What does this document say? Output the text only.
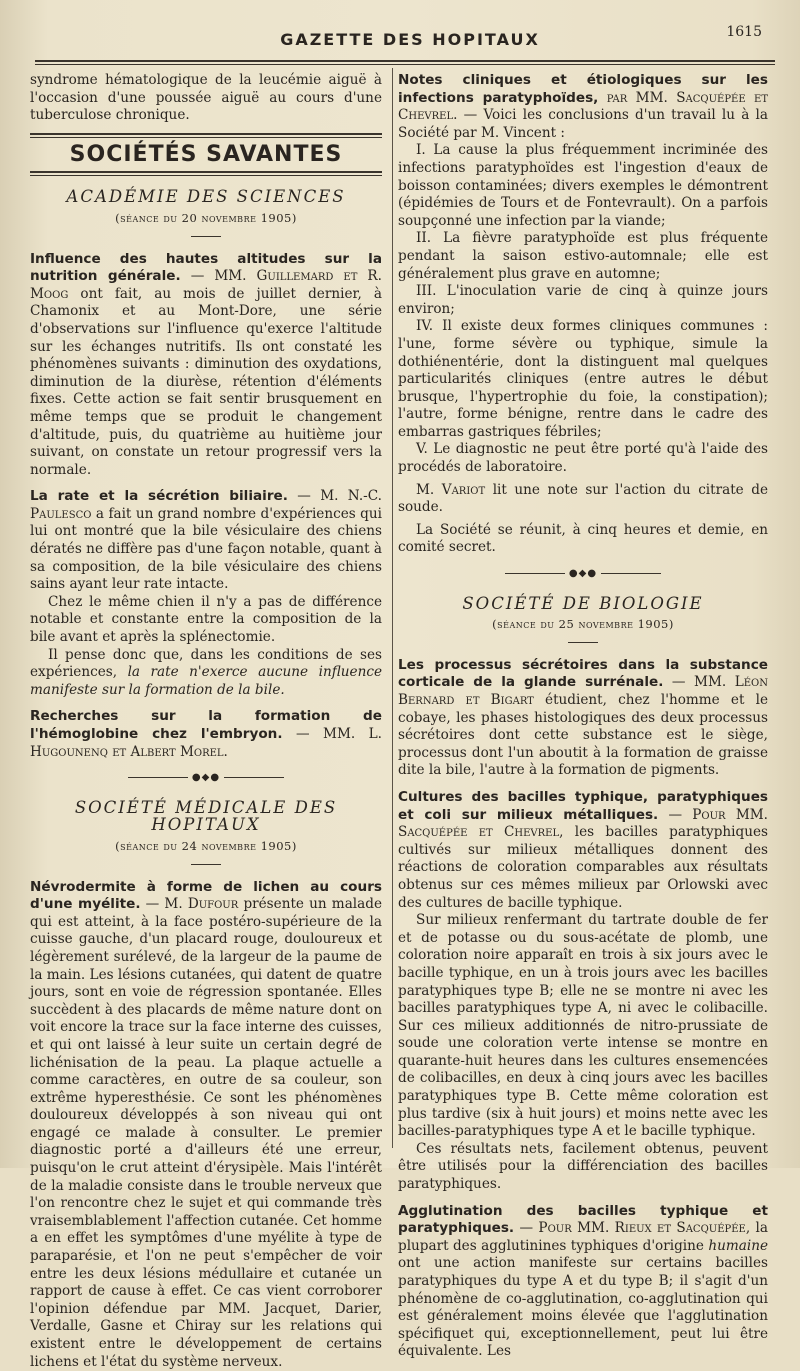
GAZETTE DES HOPITAUX	1615

syndrome hématologique de la leucémie aiguë à l'occasion d'une poussée aiguë au cours d'une tuberculose chronique.

SOCIÉTÉS SAVANTES
ACADÉMIE DES SCIENCES
(séance du 20 novembre 1905)

Influence des hautes altitudes sur la nutrition générale. — MM. Guillemard et R. Moog ont fait, au mois de juillet dernier, à Chamonix et au Mont-Dore, une série d'observations sur l'influence qu'exerce l'altitude sur les échanges nutritifs. Ils ont constaté les phénomènes suivants : diminution des oxydations, diminution de la diurèse, rétention d'éléments fixes. Cette action se fait sentir brusquement en même temps que se produit le changement d'altitude, puis, du quatrième au huitième jour suivant, on constate un retour progressif vers la normale.

La rate et la sécrétion biliaire. — M. N.-C. Paulesco a fait un grand nombre d'expériences qui lui ont montré que la bile vésiculaire des chiens dératés ne diffère pas d'une façon notable, quant à sa composition, de la bile vésiculaire des chiens sains ayant leur rate intacte.

Chez le même chien il n'y a pas de différence notable et constante entre la composition de la bile avant et après la splénectomie.

Il pense donc que, dans les conditions de ses expériences, la rate n'exerce aucune influence manifeste sur la formation de la bile.

Recherches sur la formation de l'hémoglobine chez l'embryon. — MM. L. Hugounenq et Albert Morel.

●◆●
SOCIÉTÉ MÉDICALE DES HOPITAUX
(séance du 24 novembre 1905)

Névrodermite à forme de lichen au cours d'une myélite. — M. Dufour présente un malade qui est atteint, à la face postéro-supérieure de la cuisse gauche, d'un placard rouge, douloureux et légèrement surélevé, de la largeur de la paume de la main. Les lésions cutanées, qui datent de quatre jours, sont en voie de régression spontanée. Elles succèdent à des placards de même nature dont on voit encore la trace sur la face interne des cuisses, et qui ont laissé à leur suite un certain degré de lichénisation de la peau. La plaque actuelle a comme caractères, en outre de sa couleur, son extrême hyperesthésie. Ce sont les phénomènes douloureux développés à son niveau qui ont engagé ce malade à consulter. Le premier diagnostic porté a d'ailleurs été une erreur, puisqu'on le crut atteint d'érysipèle. Mais l'intérêt de la maladie consiste dans le trouble nerveux que l'on rencontre chez le sujet et qui commande très vraisemblablement l'affection cutanée. Cet homme a en effet les symptômes d'une myélite à type de paraparésie, et l'on ne peut s'empêcher de voir entre les deux lésions médullaire et cutanée un rapport de cause à effet. Ce cas vient corroborer l'opinion défendue par MM. Jacquet, Darier, Verdalle, Gasne et Chiray sur les relations qui existent entre le développement de certains lichens et l'état du système nerveux.

Notes cliniques et étiologiques sur les infections paratyphoïdes, par MM. Sacquépée et Chevrel. — Voici les conclusions d'un travail lu à la Société par M. Vincent :

I. La cause la plus fréquemment incriminée des infections paratyphoïdes est l'ingestion d'eaux de boisson contaminées; divers exemples le démontrent (épidémies de Tours et de Fontevrault). On a parfois soupçonné une infection par la viande;

II. La fièvre paratyphoïde est plus fréquente pendant la saison estivo-automnale; elle est généralement plus grave en automne;

III. L'inoculation varie de cinq à quinze jours environ;

IV. Il existe deux formes cliniques communes : l'une, forme sévère ou typhique, simule la dothiénentérie, dont la distinguent mal quelques particularités cliniques (entre autres le début brusque, l'hypertrophie du foie, la constipation); l'autre, forme bénigne, rentre dans le cadre des embarras gastriques fébriles;

V. Le diagnostic ne peut être porté qu'à l'aide des procédés de laboratoire.

M. Variot lit une note sur l'action du citrate de soude.

La Société se réunit, à cinq heures et demie, en comité secret.

●◆●
SOCIÉTÉ DE BIOLOGIE
(séance du 25 novembre 1905)

Les processus sécrétoires dans la substance corticale de la glande surrénale. — MM. Léon Bernard et Bigart étudient, chez l'homme et le cobaye, les phases histologiques des deux processus sécrétoires dont cette substance est le siège, processus dont l'un aboutit à la formation de graisse dite la bile, l'autre à la formation de pigments.

Cultures des bacilles typhique, paratyphiques et coli sur milieux métalliques. — Pour MM. Sacquépée et Chevrel, les bacilles paratyphiques cultivés sur milieux métalliques donnent des réactions de coloration comparables aux résultats obtenus sur ces mêmes milieux par Orlowski avec des cultures de bacille typhique.

Sur milieux renfermant du tartrate double de fer et de potasse ou du sous-acétate de plomb, une coloration noire apparaît en trois à six jours avec le bacille typhique, en un à trois jours avec les bacilles paratyphiques type B; elle ne se montre ni avec les bacilles paratyphiques type A, ni avec le colibacille. Sur ces milieux additionnés de nitro-prussiate de soude une coloration verte intense se montre en quarante-huit heures dans les cultures ensemencées de colibacilles, en deux à cinq jours avec les bacilles paratyphiques type B. Cette même coloration est plus tardive (six à huit jours) et moins nette avec les bacilles-paratyphiques type A et le bacille typhique.

Ces résultats nets, facilement obtenus, peuvent être utilisés pour la différenciation des bacilles paratyphiques.

Agglutination des bacilles typhique et paratyphiques. — Pour MM. Rieux et Sacquépée, la plupart des agglutinines typhiques d'origine humaine ont une action manifeste sur certains bacilles paratyphiques du type A et du type B; il s'agit d'un phénomène de co-agglutination, co-agglutination qui est généralement moins élevée que l'agglutination spécifiquet qui, exceptionnellement, peut lui être équivalente. Les
